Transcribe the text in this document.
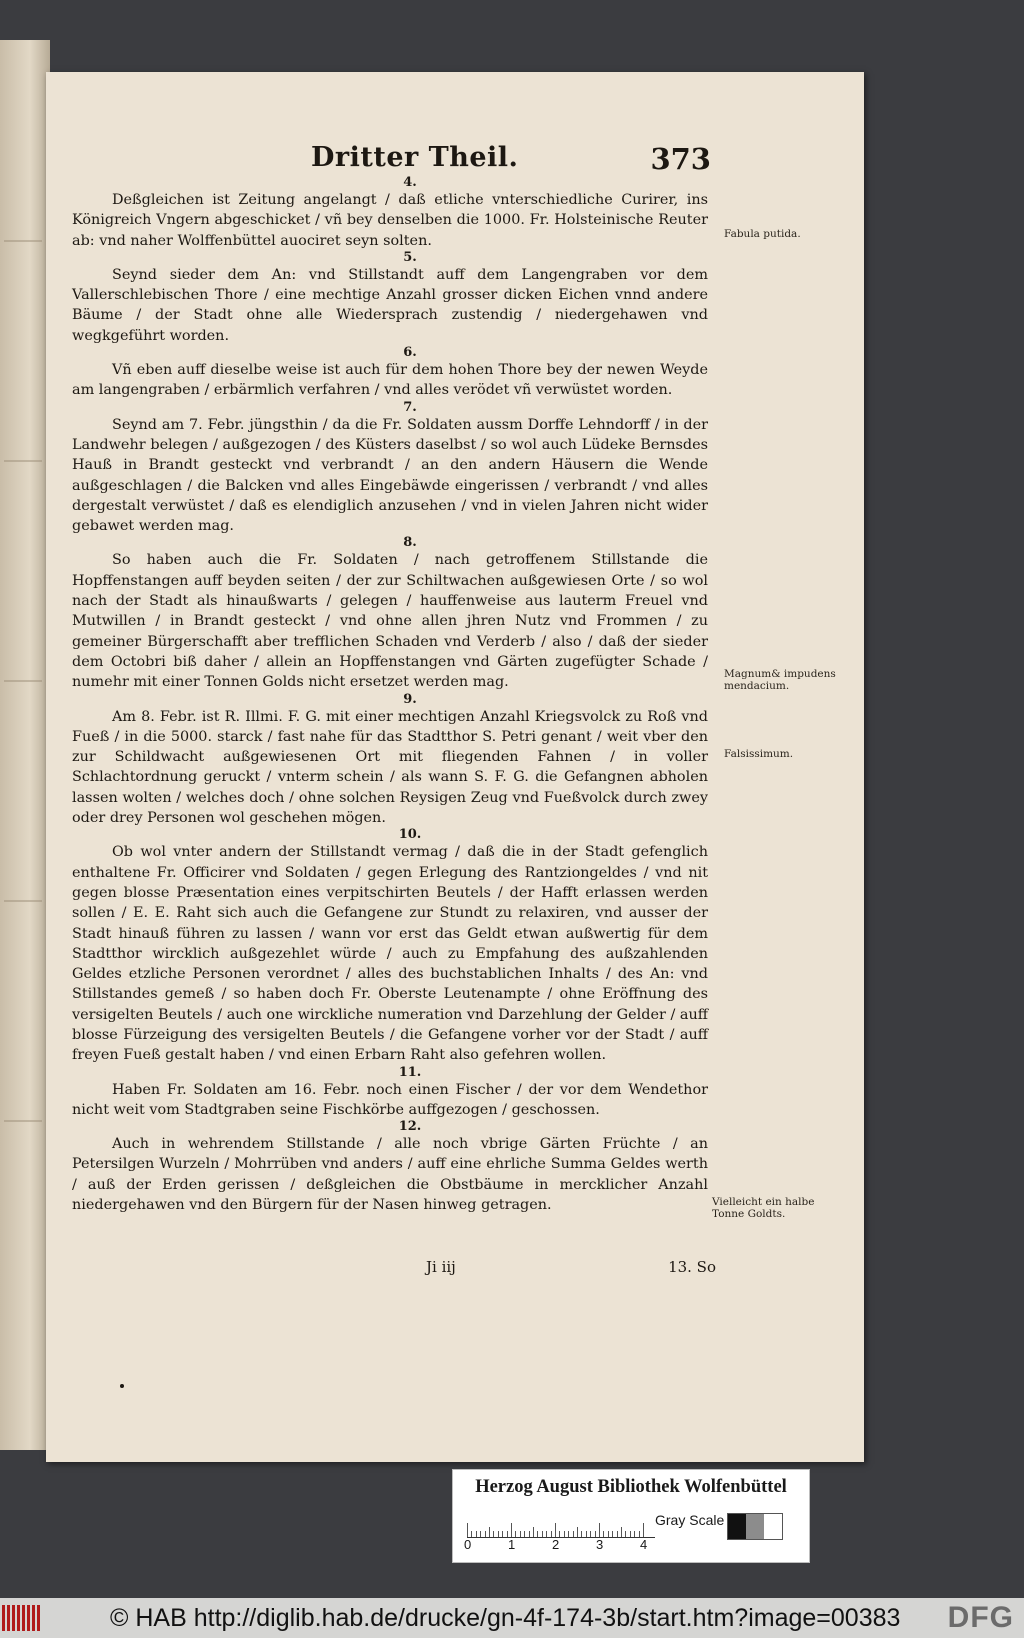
Dritter Theil.	373
4.

Deßgleichen ist Zeitung angelangt / daß etliche vnterschiedliche Curirer, ins Königreich Vngern abgeschicket / vñ bey denselben die 1000. Fr. Holsteinische Reuter ab: vnd naher Wolffenbüttel auociret seyn solten.

5.

Seynd sieder dem An: vnd Stillstandt auff dem Langengraben vor dem Vallerschlebischen Thore / eine mechtige Anzahl grosser dicken Eichen vnnd andere Bäume / der Stadt ohne alle Wiedersprach zustendig / niedergehawen vnd wegkgeführt worden.

6.

Vñ eben auff dieselbe weise ist auch für dem hohen Thore bey der newen Weyde am langengraben / erbärmlich verfahren / vnd alles verödet vñ verwüstet worden.

7.

Seynd am 7. Febr. jüngsthin / da die Fr. Soldaten aussm Dorffe Lehndorff / in der Landwehr belegen / außgezogen / des Küsters daselbst / so wol auch Lüdeke Bernsdes Hauß in Brandt gesteckt vnd verbrandt / an den andern Häusern die Wende außgeschlagen / die Balcken vnd alles Eingebäwde eingerissen / verbrandt / vnd alles dergestalt verwüstet / daß es elendiglich anzusehen / vnd in vielen Jahren nicht wider gebawet werden mag.

8.

So haben auch die Fr. Soldaten / nach getroffenem Stillstande die Hopffenstangen auff beyden seiten / der zur Schiltwachen außgewiesen Orte / so wol nach der Stadt als hinaußwarts / gelegen / hauffenweise aus lauterm Freuel vnd Mutwillen / in Brandt gesteckt / vnd ohne allen jhren Nutz vnd Frommen / zu gemeiner Bürgerschafft aber trefflichen Schaden vnd Verderb / also / daß der sieder dem Octobri biß daher / allein an Hopffenstangen vnd Gärten zugefügter Schade / numehr mit einer Tonnen Golds nicht ersetzet werden mag.

9.

Am 8. Febr. ist R. Illmi. F. G. mit einer mechtigen Anzahl Kriegsvolck zu Roß vnd Fueß / in die 5000. starck / fast nahe für das Stadtthor S. Petri genant / weit vber den zur Schildwacht außgewiesenen Ort mit fliegenden Fahnen / in voller Schlachtordnung geruckt / vnterm schein / als wann S. F. G. die Gefangnen abholen lassen wolten / welches doch / ohne solchen Reysigen Zeug vnd Fueßvolck durch zwey oder drey Personen wol geschehen mögen.

10.

Ob wol vnter andern der Stillstandt vermag / daß die in der Stadt gefenglich enthaltene Fr. Officirer vnd Soldaten / gegen Erlegung des Rantziongeldes / vnd nit gegen blosse Præsentation eines verpitschirten Beutels / der Hafft erlassen werden sollen / E. E. Raht sich auch die Gefangene zur Stundt zu relaxiren, vnd ausser der Stadt hinauß führen zu lassen / wann vor erst das Geldt etwan außwertig für dem Stadtthor wircklich außgezehlet würde / auch zu Empfahung des außzahlenden Geldes etzliche Personen verordnet / alles des buchstablichen Inhalts / des An: vnd Stillstandes gemeß / so haben doch Fr. Oberste Leutenampte / ohne Eröffnung des versigelten Beutels / auch one wirckliche numeration vnd Darzehlung der Gelder / auff blosse Fürzeigung des versigelten Beutels / die Gefangene vorher vor der Stadt / auff freyen Fueß gestalt haben / vnd einen Erbarn Raht also gefehren wollen.

11.

Haben Fr. Soldaten am 16. Febr. noch einen Fischer / der vor dem Wendethor nicht weit vom Stadtgraben seine Fischkörbe auffgezogen / geschossen.

12.

Auch in wehrendem Stillstande / alle noch vbrige Gärten Früchte / an Petersilgen Wurzeln / Mohrrüben vnd anders / auff eine ehrliche Summa Geldes werth / auß der Erden gerissen / deßgleichen die Obstbäume in mercklicher Anzahl niedergehawen vnd den Bürgern für der Nasen hinweg getragen.

Fabula putida.
Magnum& impudens mendacium.
Falsissimum.
Vielleicht ein halbe Tonne Goldts.
Ji iij	13. So
Herzog August Bibliothek Wolfenbüttel
0	1	2	3	4
Gray Scale
© HAB http://diglib.hab.de/drucke/gn-4f-174-3b/start.htm?image=00383 DFG
